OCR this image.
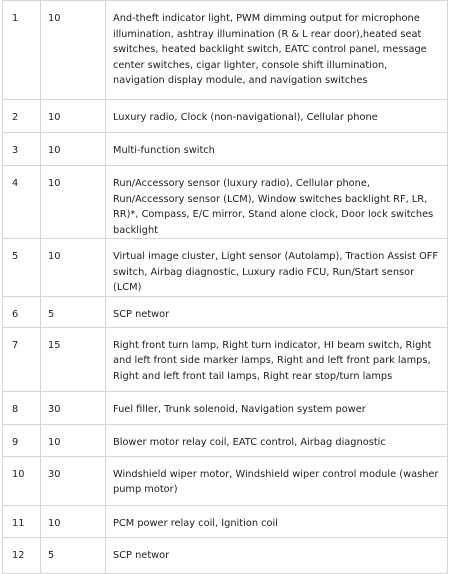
1	10	And-theft indicator light, PWM dimming output for microphone illumination, ashtray illumination (R & L rear door),heated seat switches, heated backlight switch, EATC control panel, message center switches, cigar lighter, console shift illumination, navigation display module, and navigation switches
2	10	Luxury radio, Clock (non-navigational), Cellular phone
3	10	Multi-function switch
4	10	Run/Accessory sensor (luxury radio), Cellular phone, Run/Accessory sensor (LCM), Window switches backlight RF, LR, RR)*, Compass, E/C mirror, Stand alone clock, Door lock switches backlight
5	10	Virtual image cluster, Light sensor (Autolamp), Traction Assist OFF switch, Airbag diagnostic, Luxury radio FCU, Run/Start sensor (LCM)
6	5	SCP networ
7	15	Right front turn lamp, Right turn indicator, HI beam switch, Right and left front side marker lamps, Right and left front park lamps, Right and left front tail lamps, Right rear stop/turn lamps
8	30	Fuel filler, Trunk solenoid, Navigation system power
9	10	Blower motor relay coil, EATC control, Airbag diagnostic
10	30	Windshield wiper motor, Windshield wiper control module (washer pump motor)
11	10	PCM power relay coil, Ignition coil
12	5	SCP networ
